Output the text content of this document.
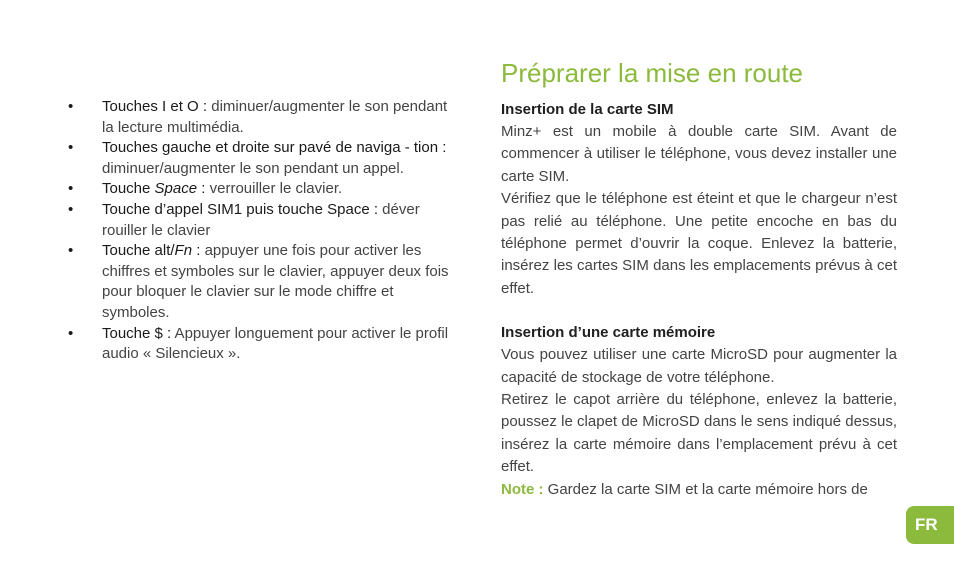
• Touches I et O : diminuer/augmenter le son pendant la lecture multimédia.
• Touches gauche et droite sur pavé de naviga - tion : diminuer/augmenter le son pendant un appel.
• Touche Space : verrouiller le clavier.
• Touche d’appel SIM1 puis touche Space : déver rouiller le clavier
• Touche alt/Fn : appuyer une fois pour activer les chiffres et symboles sur le clavier, appuyer deux fois pour bloquer le clavier sur le mode chiffre et symboles.
• Touche $ : Appuyer longuement pour activer le profil audio « Silencieux ».
Préprarer la mise en route
Insertion de la carte SIM

Minz+ est un mobile à double carte SIM. Avant de commencer à utiliser le téléphone, vous devez installer une carte SIM.

Vérifiez que le téléphone est éteint et que le chargeur n’est pas relié au téléphone. Une petite encoche en bas du téléphone permet d’ouvrir la coque. Enlevez la batterie, insérez les cartes SIM dans les emplacements prévus à cet effet.

Insertion d’une carte mémoire

Vous pouvez utiliser une carte MicroSD pour augmenter la capacité de stockage de votre téléphone.

Retirez le capot arrière du téléphone, enlevez la batterie, poussez le clapet de MicroSD dans le sens indiqué dessus, insérez la carte mémoire dans l’emplacement prévu à cet effet.

Note : Gardez la carte SIM et la carte mémoire hors de

FR
